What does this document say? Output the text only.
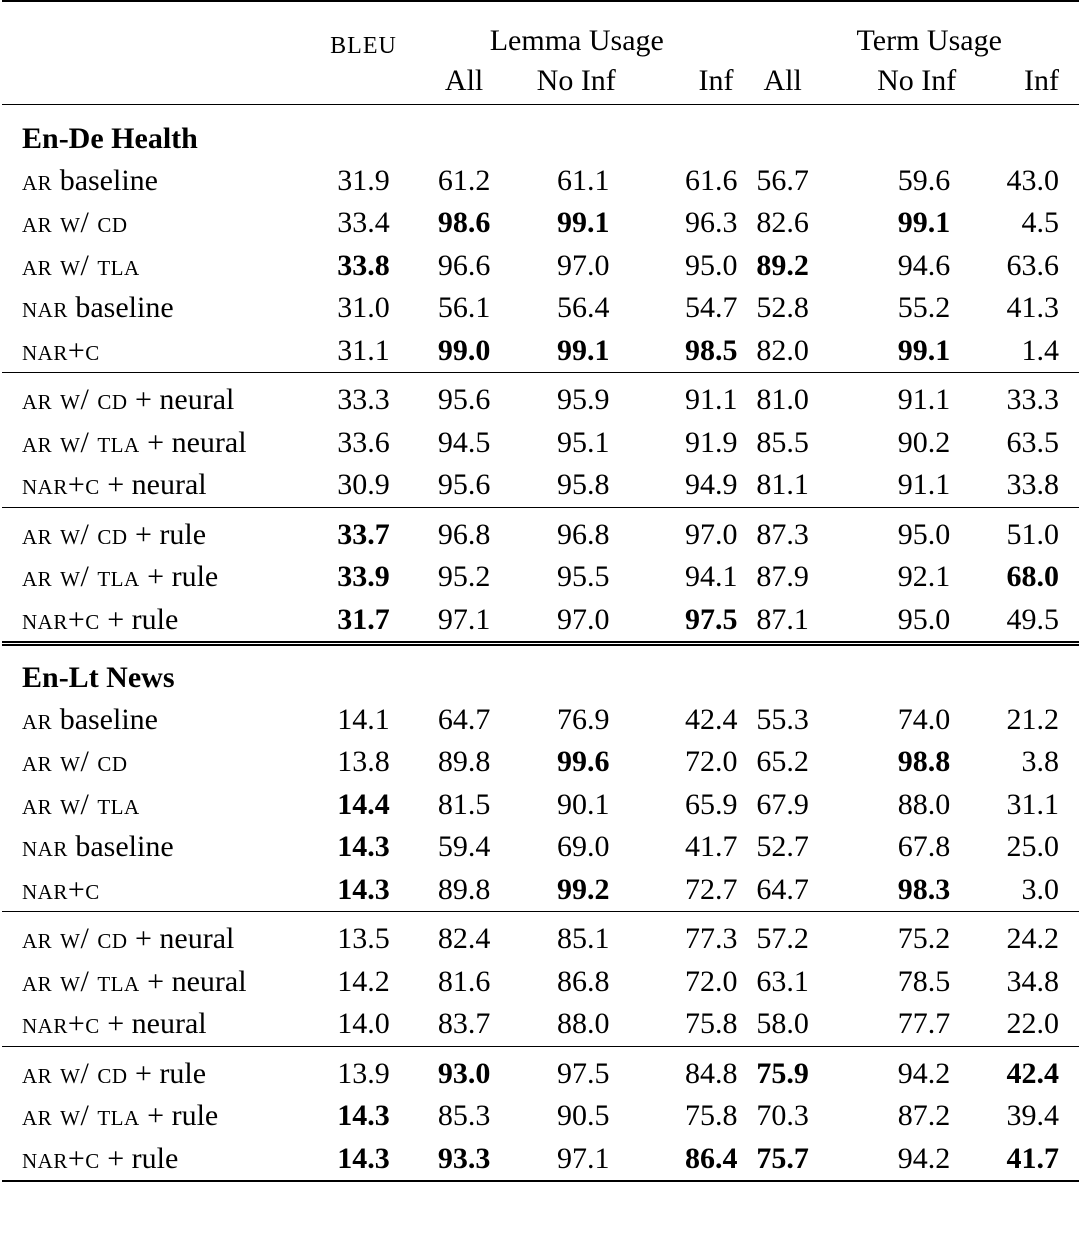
	BLEU	Lemma Usage			Term Usage		
		All	No Inf	Inf	All	No Inf	Inf
En-De Health							
ar baseline	31.9	61.2	61.1	61.6	56.7	59.6	43.0
ar w/ cd	33.4	98.6	99.1	96.3	82.6	99.1	4.5
ar w/ tla	33.8	96.6	97.0	95.0	89.2	94.6	63.6
nar baseline	31.0	56.1	56.4	54.7	52.8	55.2	41.3
nar+c	31.1	99.0	99.1	98.5	82.0	99.1	1.4
ar w/ cd + neural	33.3	95.6	95.9	91.1	81.0	91.1	33.3
ar w/ tla + neural	33.6	94.5	95.1	91.9	85.5	90.2	63.5
nar+c + neural	30.9	95.6	95.8	94.9	81.1	91.1	33.8
ar w/ cd + rule	33.7	96.8	96.8	97.0	87.3	95.0	51.0
ar w/ tla + rule	33.9	95.2	95.5	94.1	87.9	92.1	68.0
nar+c + rule	31.7	97.1	97.0	97.5	87.1	95.0	49.5
En-Lt News							
ar baseline	14.1	64.7	76.9	42.4	55.3	74.0	21.2
ar w/ cd	13.8	89.8	99.6	72.0	65.2	98.8	3.8
ar w/ tla	14.4	81.5	90.1	65.9	67.9	88.0	31.1
nar baseline	14.3	59.4	69.0	41.7	52.7	67.8	25.0
nar+c	14.3	89.8	99.2	72.7	64.7	98.3	3.0
ar w/ cd + neural	13.5	82.4	85.1	77.3	57.2	75.2	24.2
ar w/ tla + neural	14.2	81.6	86.8	72.0	63.1	78.5	34.8
nar+c + neural	14.0	83.7	88.0	75.8	58.0	77.7	22.0
ar w/ cd + rule	13.9	93.0	97.5	84.8	75.9	94.2	42.4
ar w/ tla + rule	14.3	85.3	90.5	75.8	70.3	87.2	39.4
nar+c + rule	14.3	93.3	97.1	86.4	75.7	94.2	41.7
